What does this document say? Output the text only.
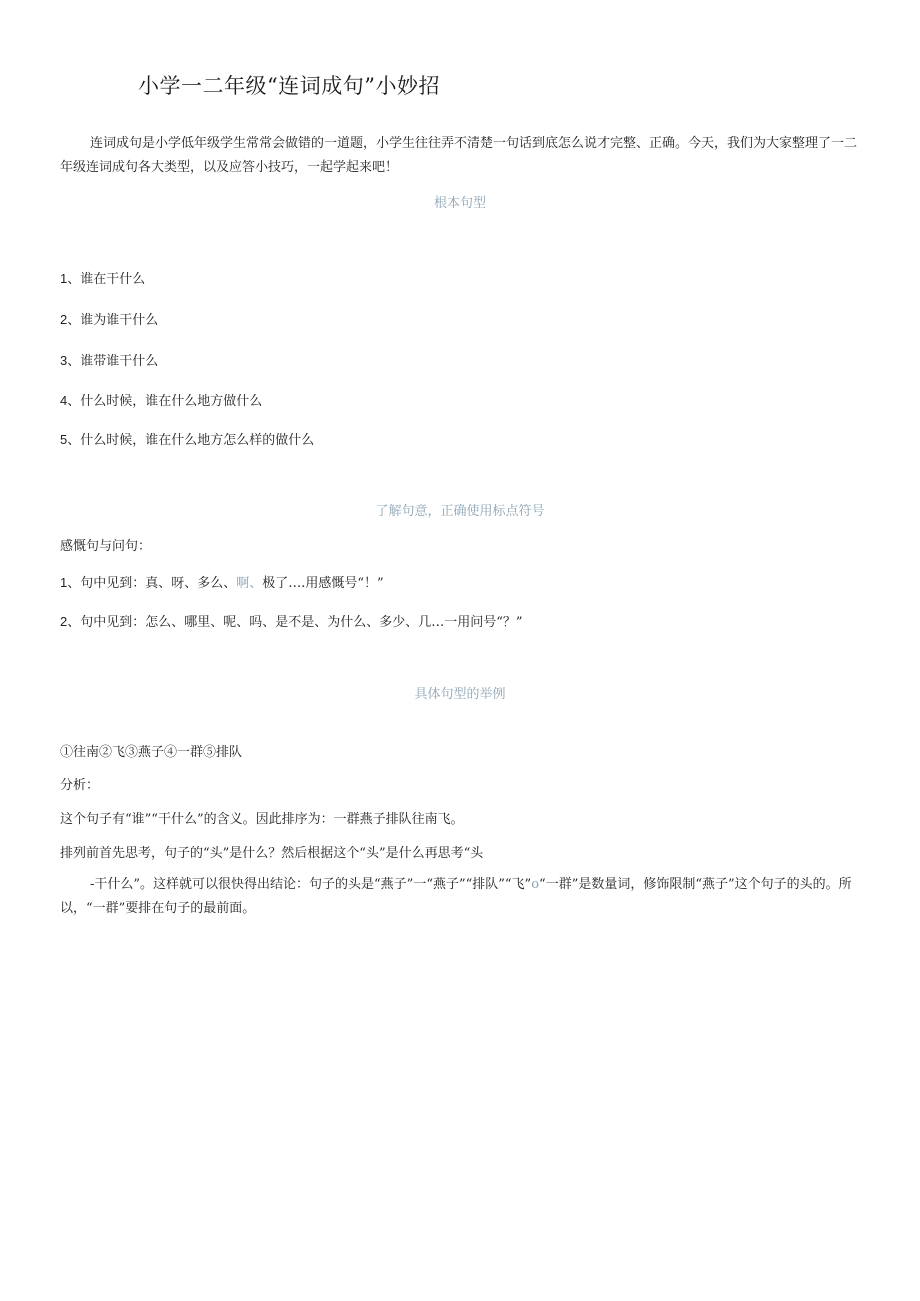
小学一二年级“连词成句”小妙招
连词成句是小学低年级学生常常会做错的一道题，小学生往往弄不清楚一句话到底怎么说才完整、正确。今天，我们为大家整理了一二年级连词成句各大类型，以及应答小技巧，一起学起来吧！
根本句型
1、谁在干什么
2、谁为谁干什么
3、谁带谁干什么
4、什么时候，谁在什么地方做什么
5、什么时候，谁在什么地方怎么样的做什么
了解句意，正确使用标点符号
感慨句与问句：
1、句中见到：真、呀、多么、啊、极了….用感慨号“！”
2、句中见到：怎么、哪里、呢、吗、是不是、为什么、多少、几…一用问号“？”
具体句型的举例
①往南②飞③燕子④一群⑤排队
分析：
这个句子有“谁”“干什么”的含义。因此排序为：一群燕子排队往南飞。
排列前首先思考，句子的“头”是什么？然后根据这个“头”是什么再思考“头
-干什么”。这样就可以很快得出结论：句子的头是“燕子”一“燕子”“排队”“飞”o“一群”是数量词，修饰限制“燕子”这个句子的头的。所以，“一群”要排在句子的最前面。
